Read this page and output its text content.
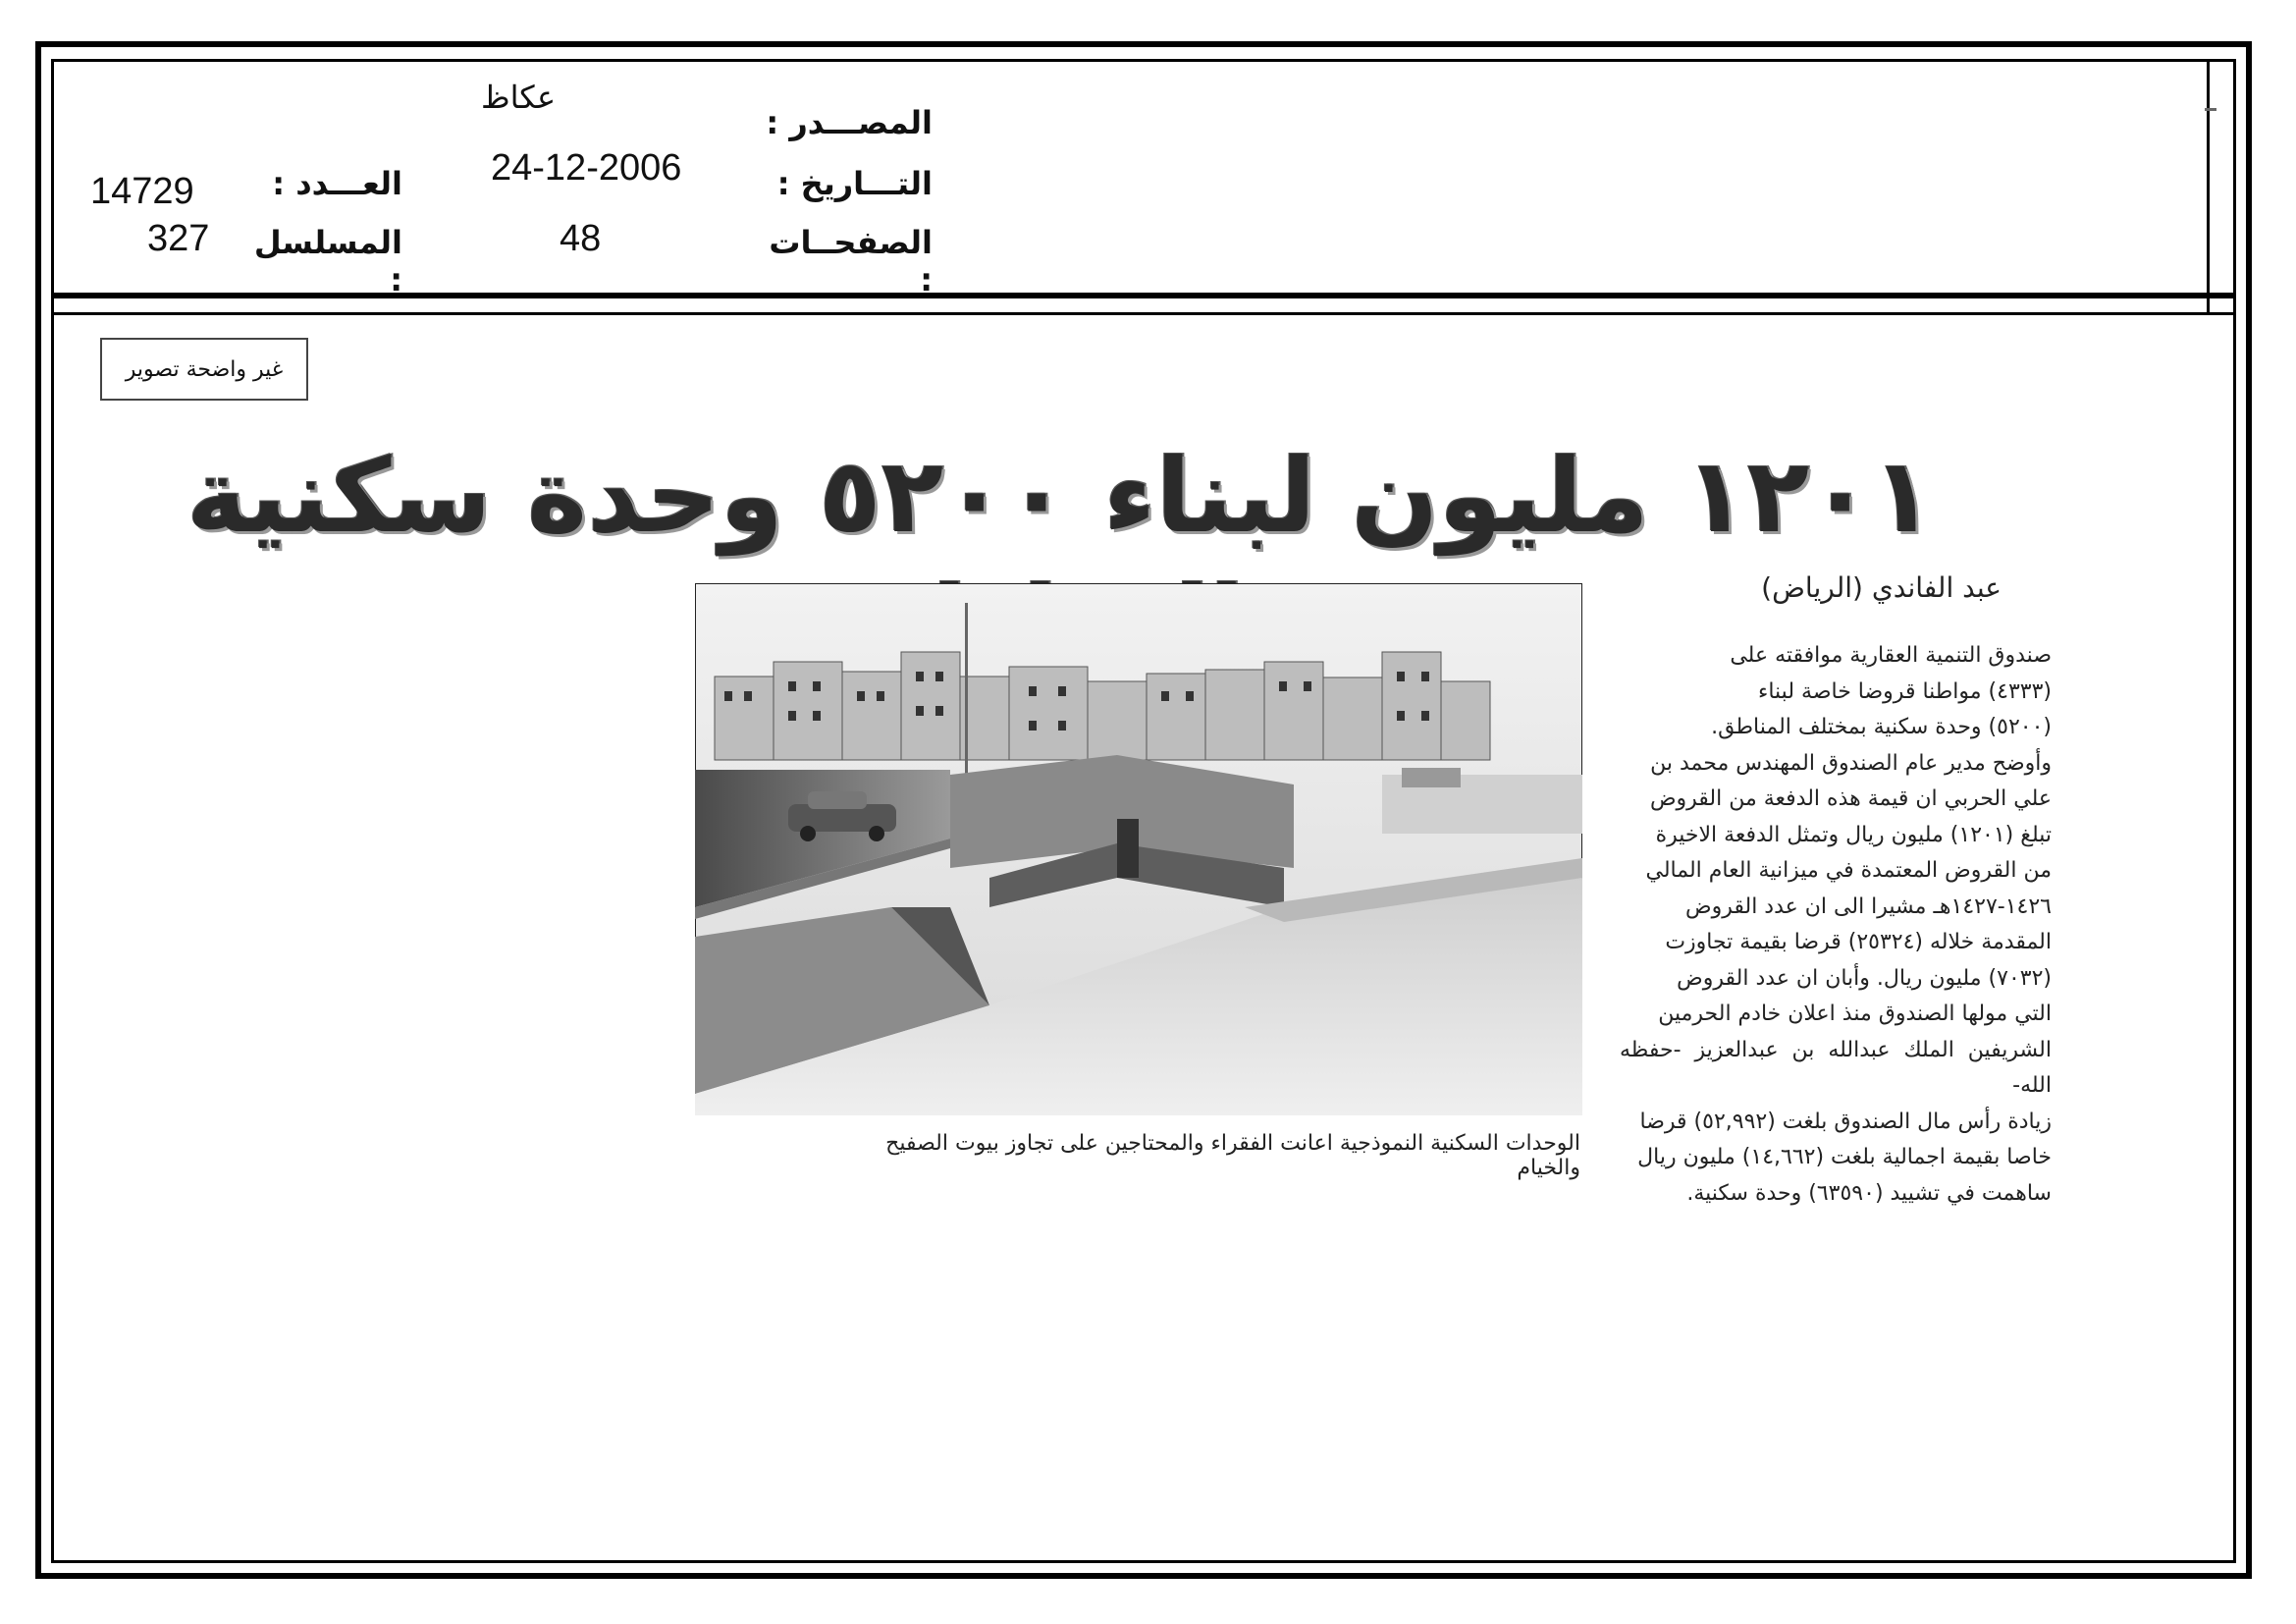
المصـــدر :
عكاظ
التـــاريخ :
24-12-2006
الصفحــات :
48
العـــدد :
14729
المسلسل :
327
غير واضحة تصوير
١٢٠١ مليون لبناء ٥٢٠٠ وحدة سكنية
عبد الفاندي (الرياض)
صندوق التنمية العقارية موافقته على
(٤٣٣٣) مواطنا قروضا خاصة لبناء
(٥٢٠٠) وحدة سكنية بمختلف المناطق.
وأوضح مدير عام الصندوق المهندس محمد بن
علي الحربي ان قيمة هذه الدفعة من القروض
تبلغ (١٢٠١) مليون ريال وتمثل الدفعة الاخيرة
من القروض المعتمدة في ميزانية العام المالي
١٤٢٦-١٤٢٧هـ مشيرا الى ان عدد القروض
المقدمة خلاله (٢٥٣٢٤) قرضا بقيمة تجاوزت
(٧٠٣٢) مليون ريال. وأبان ان عدد القروض
التي مولها الصندوق منذ اعلان خادم الحرمين
الشريفين الملك عبدالله بن عبدالعزيز -حفظه الله-
زيادة رأس مال الصندوق بلغت (٥٢,٩٩٢) قرضا
خاصا بقيمة اجمالية بلغت (١٤,٦٦٢) مليون ريال
ساهمت في تشييد (٦٣٥٩٠) وحدة سكنية.
الوحدات السكنية النموذجية اعانت الفقراء والمحتاجين على تجاوز بيوت الصفيح والخيام
